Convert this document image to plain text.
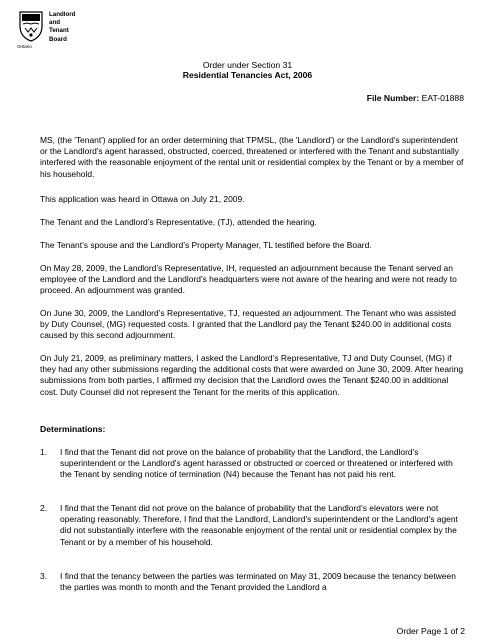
Ontario
Landlord
and
Tenant
Board
Order under Section 31
Residential Tenancies Act, 2006
File Number: EAT-01888

MS, (the 'Tenant') applied for an order determining that TPMSL, (the 'Landlord') or the Landlord's superintendent or the Landlord's agent harassed, obstructed, coerced, threatened or interfered with the Tenant and substantially interfered with the reasonable enjoyment of the rental unit or residential complex by the Tenant or by a member of his household.

This application was heard in Ottawa on July 21, 2009.

The Tenant and the Landlord’s Representative, (TJ), attended the hearing.

The Tenant’s spouse and the Landlord’s Property Manager, TL testified before the Board.

On May 28, 2009, the Landlord’s Representative, IH, requested an adjournment because the Tenant served an employee of the Landlord and the Landlord’s headquarters were not aware of the hearing and were not ready to proceed. An adjournment was granted.

On June 30, 2009, the Landlord’s Representative, TJ, requested an adjournment. The Tenant who was assisted by Duty Counsel, (MG) requested costs. I granted that the Landlord pay the Tenant $240.00 in additional costs caused by this second adjournment.

On July 21, 2009, as preliminary matters, I asked the Landlord’s Representative, TJ and Duty Counsel, (MG) if they had any other submissions regarding the additional costs that were awarded on June 30, 2009. After hearing submissions from both parties, I affirmed my decision that the Landlord owes the Tenant $240.00 in additional cost. Duty Counsel did not represent the Tenant for the merits of this application.

Determinations:
1. I find that the Tenant did not prove on the balance of probability that the Landlord, the Landlord's superintendent or the Landlord's agent harassed or obstructed or coerced or threatened or interfered with the Tenant by sending notice of termination (N4) because the Tenant has not paid his rent.
2. I find that the Tenant did not prove on the balance of probability that the Landlord’s elevators were not operating reasonably. Therefore, I find that the Landlord, Landlord's superintendent or the Landlord's agent did not substantially interfere with the reasonable enjoyment of the rental unit or residential complex by the Tenant or by a member of his household.
3. I find that the tenancy between the parties was terminated on May 31, 2009 because the tenancy between the parties was month to month and the Tenant provided the Landlord a
Order Page 1 of 2
